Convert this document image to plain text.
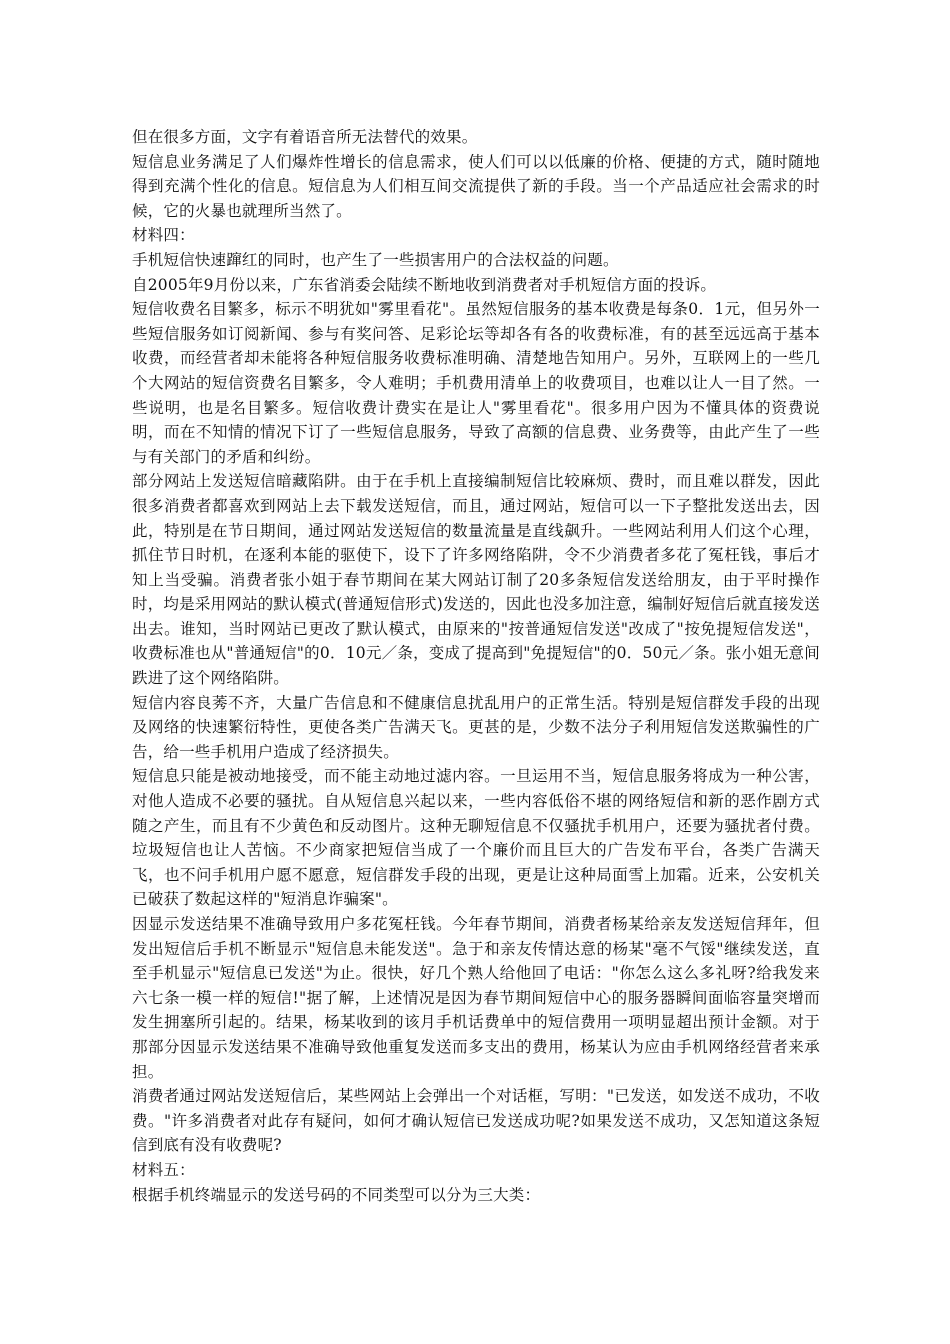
但在很多方面，文字有着语音所无法替代的效果。

短信息业务满足了人们爆炸性增长的信息需求，使人们可以以低廉的价格、便捷的方式，随时随地得到充满个性化的信息。短信息为人们相互间交流提供了新的手段。当一个产品适应社会需求的时候，它的火暴也就理所当然了。

材料四：

手机短信快速蹿红的同时，也产生了一些损害用户的合法权益的问题。

自2005年9月份以来，广东省消委会陆续不断地收到消费者对手机短信方面的投诉。

短信收费名目繁多，标示不明犹如"雾里看花"。虽然短信服务的基本收费是每条0．1元，但另外一些短信服务如订阅新闻、参与有奖问答、足彩论坛等却各有各的收费标准，有的甚至远远高于基本收费，而经营者却未能将各种短信服务收费标准明确、清楚地告知用户。另外，互联网上的一些几个大网站的短信资费名目繁多，令人难明；手机费用清单上的收费项目，也难以让人一目了然。一些说明，也是名目繁多。短信收费计费实在是让人"雾里看花"。很多用户因为不懂具体的资费说明，而在不知情的情况下订了一些短信息服务，导致了高额的信息费、业务费等，由此产生了一些与有关部门的矛盾和纠纷。

部分网站上发送短信暗藏陷阱。由于在手机上直接编制短信比较麻烦、费时，而且难以群发，因此很多消费者都喜欢到网站上去下载发送短信，而且，通过网站，短信可以一下子整批发送出去，因此，特别是在节日期间，通过网站发送短信的数量流量是直线飙升。一些网站利用人们这个心理，抓住节日时机，在逐利本能的驱使下，设下了许多网络陷阱，令不少消费者多花了冤枉钱，事后才知上当受骗。消费者张小姐于春节期间在某大网站订制了20多条短信发送给朋友，由于平时操作时，均是采用网站的默认模式(普通短信形式)发送的，因此也没多加注意，编制好短信后就直接发送出去。谁知，当时网站已更改了默认模式，由原来的"按普通短信发送"改成了"按免提短信发送"，收费标准也从"普通短信"的0．10元／条，变成了提高到"免提短信"的0．50元／条。张小姐无意间跌进了这个网络陷阱。

短信内容良莠不齐，大量广告信息和不健康信息扰乱用户的正常生活。特别是短信群发手段的出现及网络的快速繁衍特性，更使各类广告满天飞。更甚的是，少数不法分子利用短信发送欺骗性的广告，给一些手机用户造成了经济损失。

短信息只能是被动地接受，而不能主动地过滤内容。一旦运用不当，短信息服务将成为一种公害，对他人造成不必要的骚扰。自从短信息兴起以来，一些内容低俗不堪的网络短信和新的恶作剧方式随之产生，而且有不少黄色和反动图片。这种无聊短信息不仅骚扰手机用户，还要为骚扰者付费。垃圾短信也让人苦恼。不少商家把短信当成了一个廉价而且巨大的广告发布平台，各类广告满天飞，也不问手机用户愿不愿意，短信群发手段的出现，更是让这种局面雪上加霜。近来，公安机关已破获了数起这样的"短消息诈骗案"。

因显示发送结果不准确导致用户多花冤枉钱。今年春节期间，消费者杨某给亲友发送短信拜年，但发出短信后手机不断显示"短信息未能发送"。急于和亲友传情达意的杨某"毫不气馁"继续发送，直至手机显示"短信息已发送"为止。很快，好几个熟人给他回了电话："你怎么这么多礼呀?给我发来六七条一模一样的短信!"据了解，上述情况是因为春节期间短信中心的服务器瞬间面临容量突增而发生拥塞所引起的。结果，杨某收到的该月手机话费单中的短信费用一项明显超出预计金额。对于那部分因显示发送结果不准确导致他重复发送而多支出的费用，杨某认为应由手机网络经营者来承担。

消费者通过网站发送短信后，某些网站上会弹出一个对话框，写明："已发送，如发送不成功，不收费。"许多消费者对此存有疑问，如何才确认短信已发送成功呢?如果发送不成功，又怎知道这条短信到底有没有收费呢?

材料五：

根据手机终端显示的发送号码的不同类型可以分为三大类：
